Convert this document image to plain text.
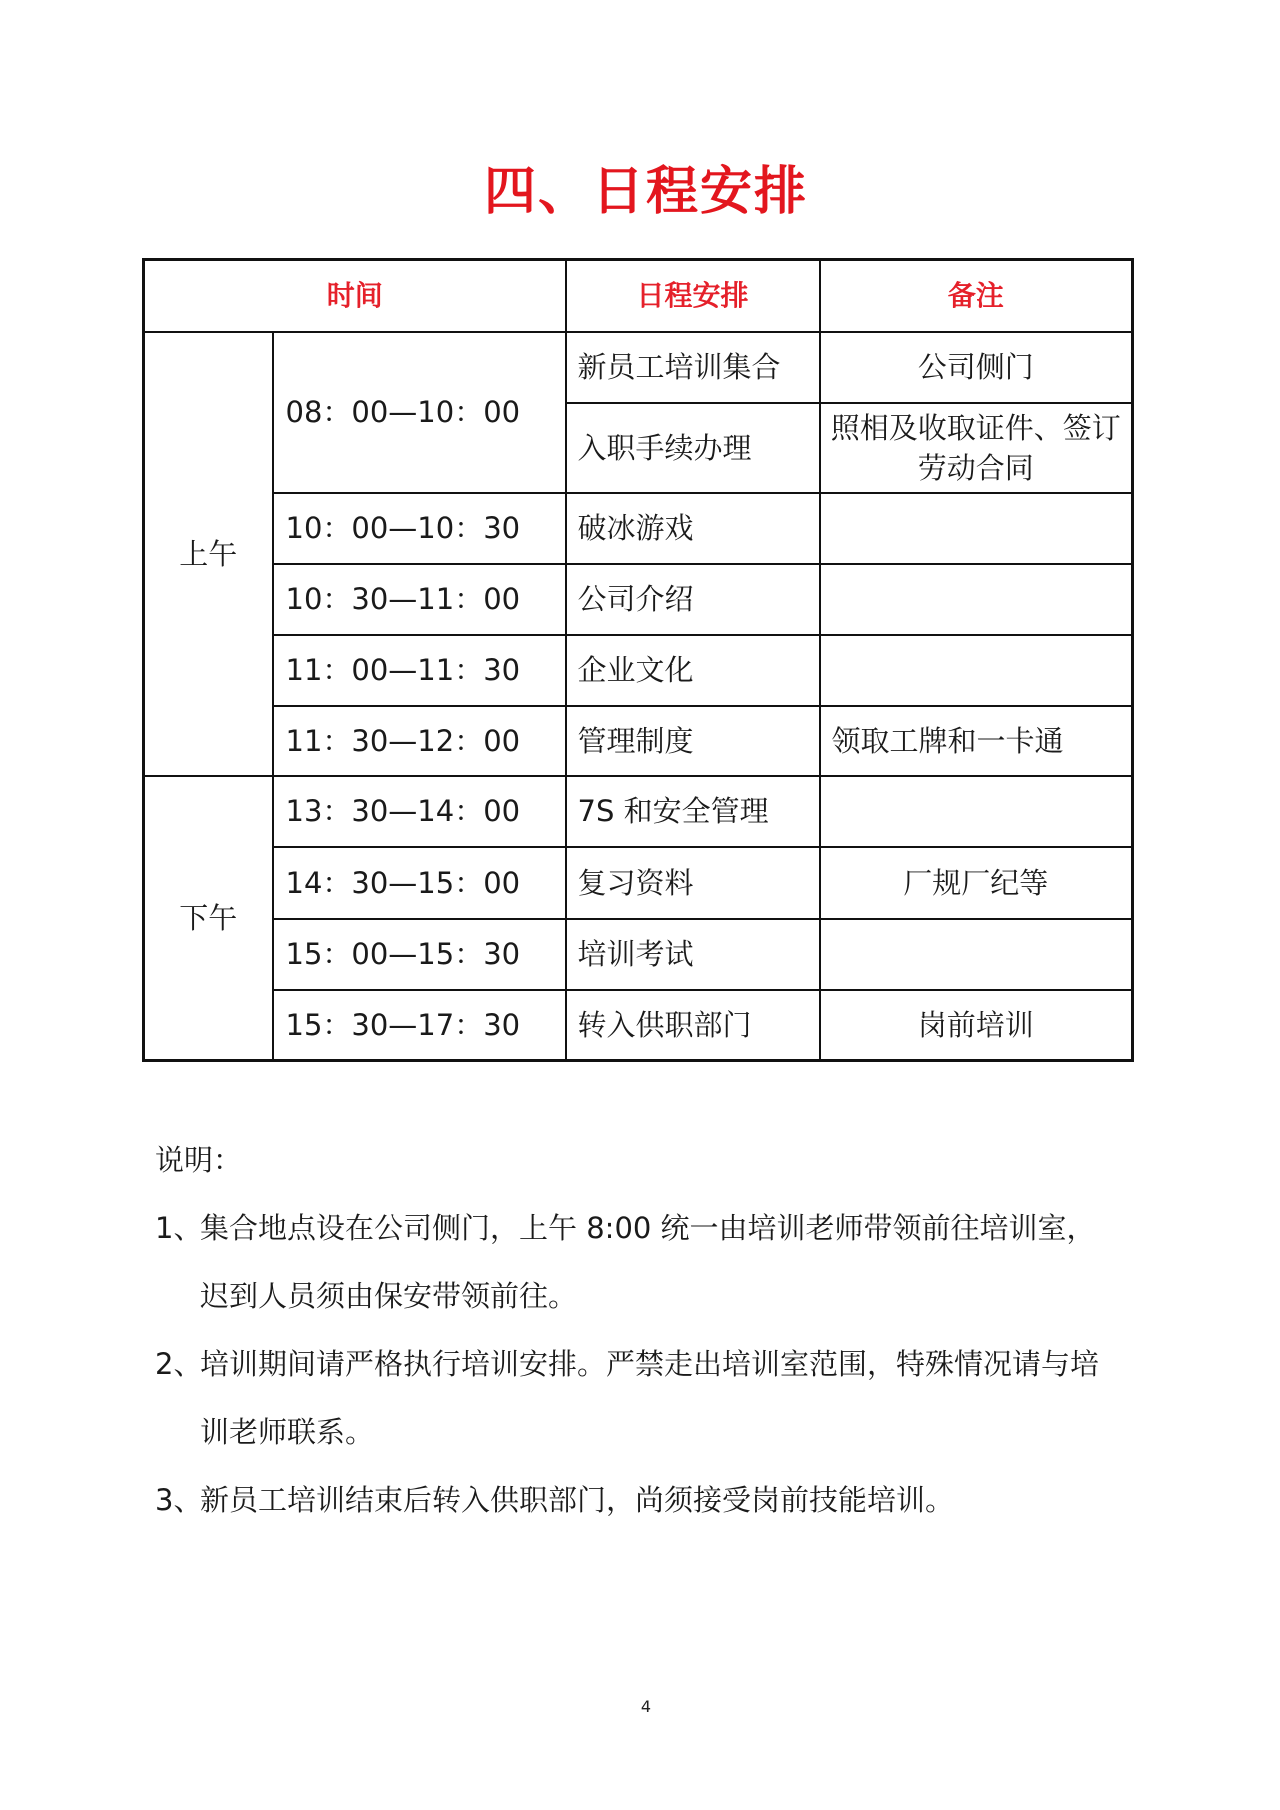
四、日程安排
时间		日程安排	备注
上午	08：00—10：00	新员工培训集合	公司侧门
		入职手续办理	照相及收取证件、签订
劳动合同

	10：00—10：30	破冰游戏	
	10：30—11：00	公司介绍	
	11：00—11：30	企业文化	
	11：30—12：00	管理制度	领取工牌和一卡通
下午	13：30—14：00	7S 和安全管理	
	14：30—15：00	复习资料	厂规厂纪等
	15：00—15：30	培训考试	
	15：30—17：30	转入供职部门	岗前培训
说明：
1、
集合地点设在公司侧门，上午 8:00 统一由培训老师带领前往培训室，
迟到人员须由保安带领前往。
2、
培训期间请严格执行培训安排。严禁走出培训室范围，特殊情况请与培
训老师联系。
3、
新员工培训结束后转入供职部门，尚须接受岗前技能培训。
4
